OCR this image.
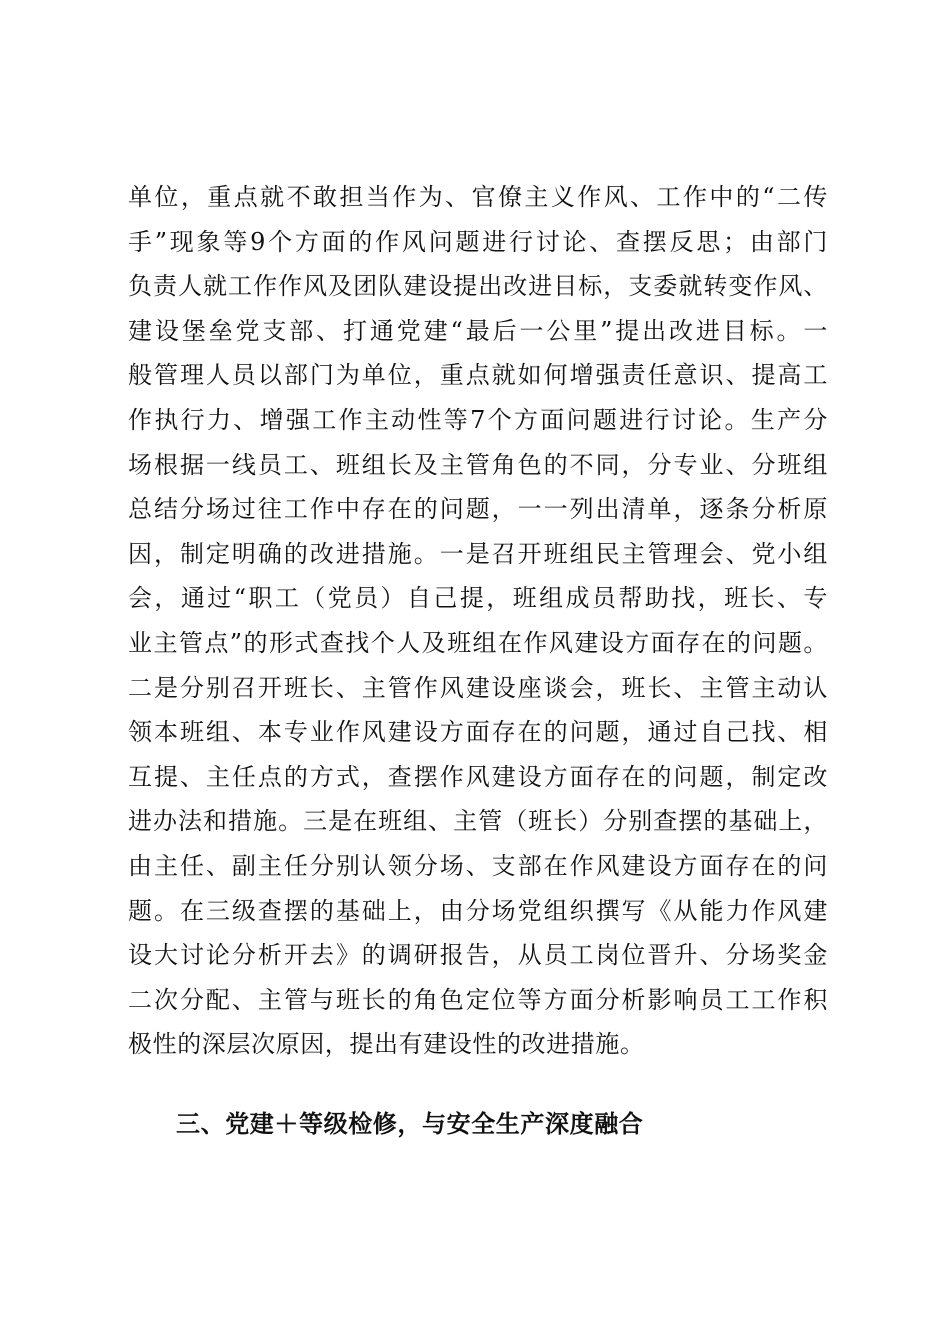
单位，重点就不敢担当作为、官僚主义作风、工作中的“二传
手”现象等9个方面的作风问题进行讨论、查摆反思；由部门
负责人就工作作风及团队建设提出改进目标，支委就转变作风、
建设堡垒党支部、打通党建“最后一公里”提出改进目标。一
般管理人员以部门为单位，重点就如何增强责任意识、提高工
作执行力、增强工作主动性等7个方面问题进行讨论。生产分
场根据一线员工、班组长及主管角色的不同，分专业、分班组
总结分场过往工作中存在的问题，一一列出清单，逐条分析原
因，制定明确的改进措施。一是召开班组民主管理会、党小组
会，通过“职工（党员）自己提，班组成员帮助找，班长、专
业主管点”的形式查找个人及班组在作风建设方面存在的问题。
二是分别召开班长、主管作风建设座谈会，班长、主管主动认
领本班组、本专业作风建设方面存在的问题，通过自己找、相
互提、主任点的方式，查摆作风建设方面存在的问题，制定改
进办法和措施。三是在班组、主管（班长）分别查摆的基础上，
由主任、副主任分别认领分场、支部在作风建设方面存在的问
题。在三级查摆的基础上，由分场党组织撰写《从能力作风建
设大讨论分析开去》的调研报告，从员工岗位晋升、分场奖金
二次分配、主管与班长的角色定位等方面分析影响员工工作积
极性的深层次原因，提出有建设性的改进措施。
三、党建＋等级检修，与安全生产深度融合
